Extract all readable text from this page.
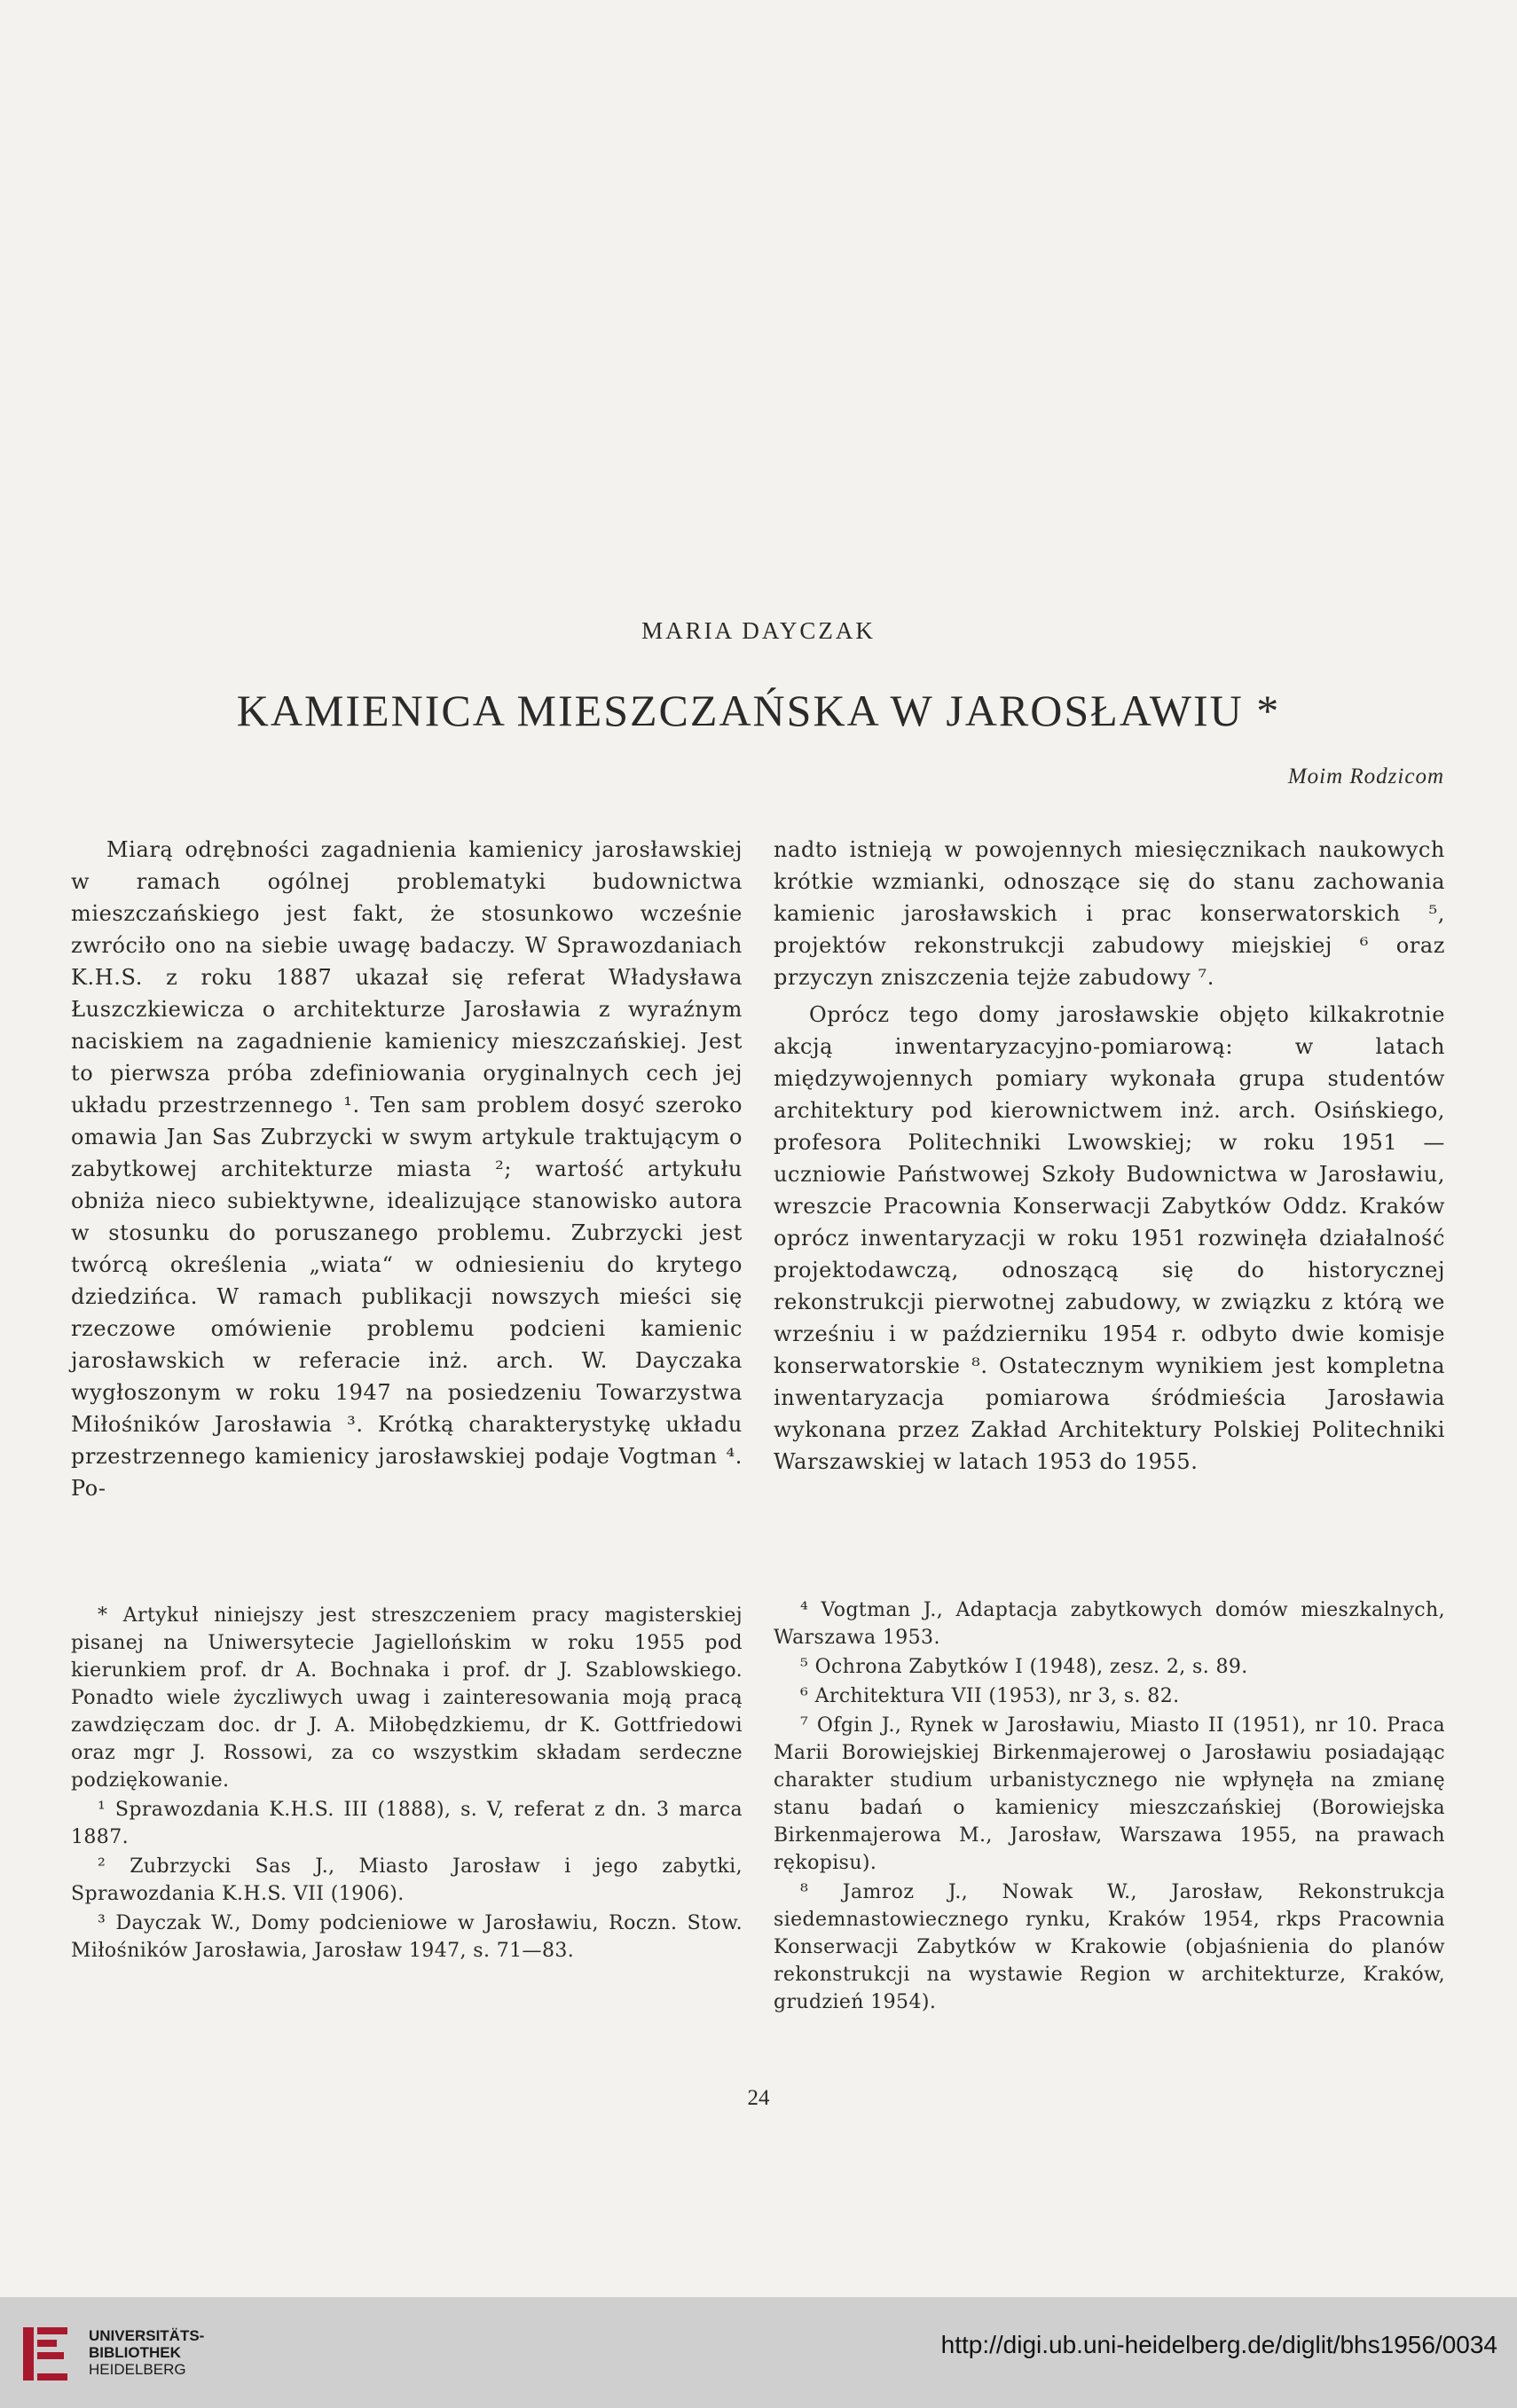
MARIA DAYCZAK
KAMIENICA MIESZCZAŃSKA W JAROSŁAWIU *
Moim Rodzicom

Miarą odrębności zagadnienia kamienicy jarosławskiej w ramach ogólnej problematyki budownictwa mieszczańskiego jest fakt, że stosunkowo wcześnie zwróciło ono na siebie uwagę badaczy. W Sprawozdaniach K.H.S. z roku 1887 ukazał się referat Władysława Łuszczkiewicza o architekturze Jarosławia z wyraźnym naciskiem na zagadnienie kamienicy mieszczańskiej. Jest to pierwsza próba zdefiniowania oryginalnych cech jej układu przestrzennego ¹. Ten sam problem dosyć szeroko omawia Jan Sas Zubrzycki w swym artykule traktującym o zabytkowej architekturze miasta ²; wartość artykułu obniża nieco subiektywne, idealizujące stanowisko autora w stosunku do poruszanego problemu. Zubrzycki jest twórcą określenia „wiata“ w odniesieniu do krytego dziedzińca. W ramach publikacji nowszych mieści się rzeczowe omówienie problemu podcieni kamienic jarosławskich w referacie inż. arch. W. Dayczaka wygłoszonym w roku 1947 na posiedzeniu Towarzystwa Miłośników Jarosławia ³. Krótką charakterystykę układu przestrzennego kamienicy jarosławskiej podaje Vogtman ⁴. Po-

nadto istnieją w powojennych miesięcznikach naukowych krótkie wzmianki, odnoszące się do stanu zachowania kamienic jarosławskich i prac konserwatorskich ⁵, projektów rekonstrukcji zabudowy miejskiej ⁶ oraz przyczyn zniszczenia tejże zabudowy ⁷.

Oprócz tego domy jarosławskie objęto kilkakrotnie akcją inwentaryzacyjno-pomiarową: w latach międzywojennych pomiary wykonała grupa studentów architektury pod kierownictwem inż. arch. Osińskiego, profesora Politechniki Lwowskiej; w roku 1951 — uczniowie Państwowej Szkoły Budownictwa w Jarosławiu, wreszcie Pracownia Konserwacji Zabytków Oddz. Kraków oprócz inwentaryzacji w roku 1951 rozwinęła działalność projektodawczą, odnoszącą się do historycznej rekonstrukcji pierwotnej zabudowy, w związku z którą we wrześniu i w październiku 1954 r. odbyto dwie komisje konserwatorskie ⁸. Ostatecznym wynikiem jest kompletna inwentaryzacja pomiarowa śródmieścia Jarosławia wykonana przez Zakład Architektury Polskiej Politechniki Warszawskiej w latach 1953 do 1955.

* Artykuł niniejszy jest streszczeniem pracy magisterskiej pisanej na Uniwersytecie Jagiellońskim w roku 1955 pod kierunkiem prof. dr A. Bochnaka i prof. dr J. Szablowskiego. Ponadto wiele życzliwych uwag i zainteresowania moją pracą zawdzięczam doc. dr J. A. Miłobędzkiemu, dr K. Gottfriedowi oraz mgr J. Rossowi, za co wszystkim składam serdeczne podziękowanie.

¹ Sprawozdania K.H.S. III (1888), s. V, referat z dn. 3 marca 1887.

² Zubrzycki Sas J., Miasto Jarosław i jego zabytki, Sprawozdania K.H.S. VII (1906).

³ Dayczak W., Domy podcieniowe w Jarosławiu, Roczn. Stow. Miłośników Jarosławia, Jarosław 1947, s. 71—83.

⁴ Vogtman J., Adaptacja zabytkowych domów mieszkalnych, Warszawa 1953.

⁵ Ochrona Zabytków I (1948), zesz. 2, s. 89.

⁶ Architektura VII (1953), nr 3, s. 82.

⁷ Ofgin J., Rynek w Jarosławiu, Miasto II (1951), nr 10. Praca Marii Borowiejskiej Birkenmajerowej o Jarosławiu posiadająąc charakter studium urbanistycznego nie wpłynęła na zmianę stanu badań o kamienicy mieszczańskiej (Borowiejska Birkenmajerowa M., Jarosław, Warszawa 1955, na prawach rękopisu).

⁸ Jamroz J., Nowak W., Jarosław, Rekonstrukcja siedemnastowiecznego rynku, Kraków 1954, rkps Pracownia Konserwacji Zabytków w Krakowie (objaśnienia do planów rekonstrukcji na wystawie Region w architekturze, Kraków, grudzień 1954).

24
UNIVERSITÄTS-
BIBLIOTHEK
HEIDELBERG
http://digi.ub.uni-heidelberg.de/diglit/bhs1956/0034
